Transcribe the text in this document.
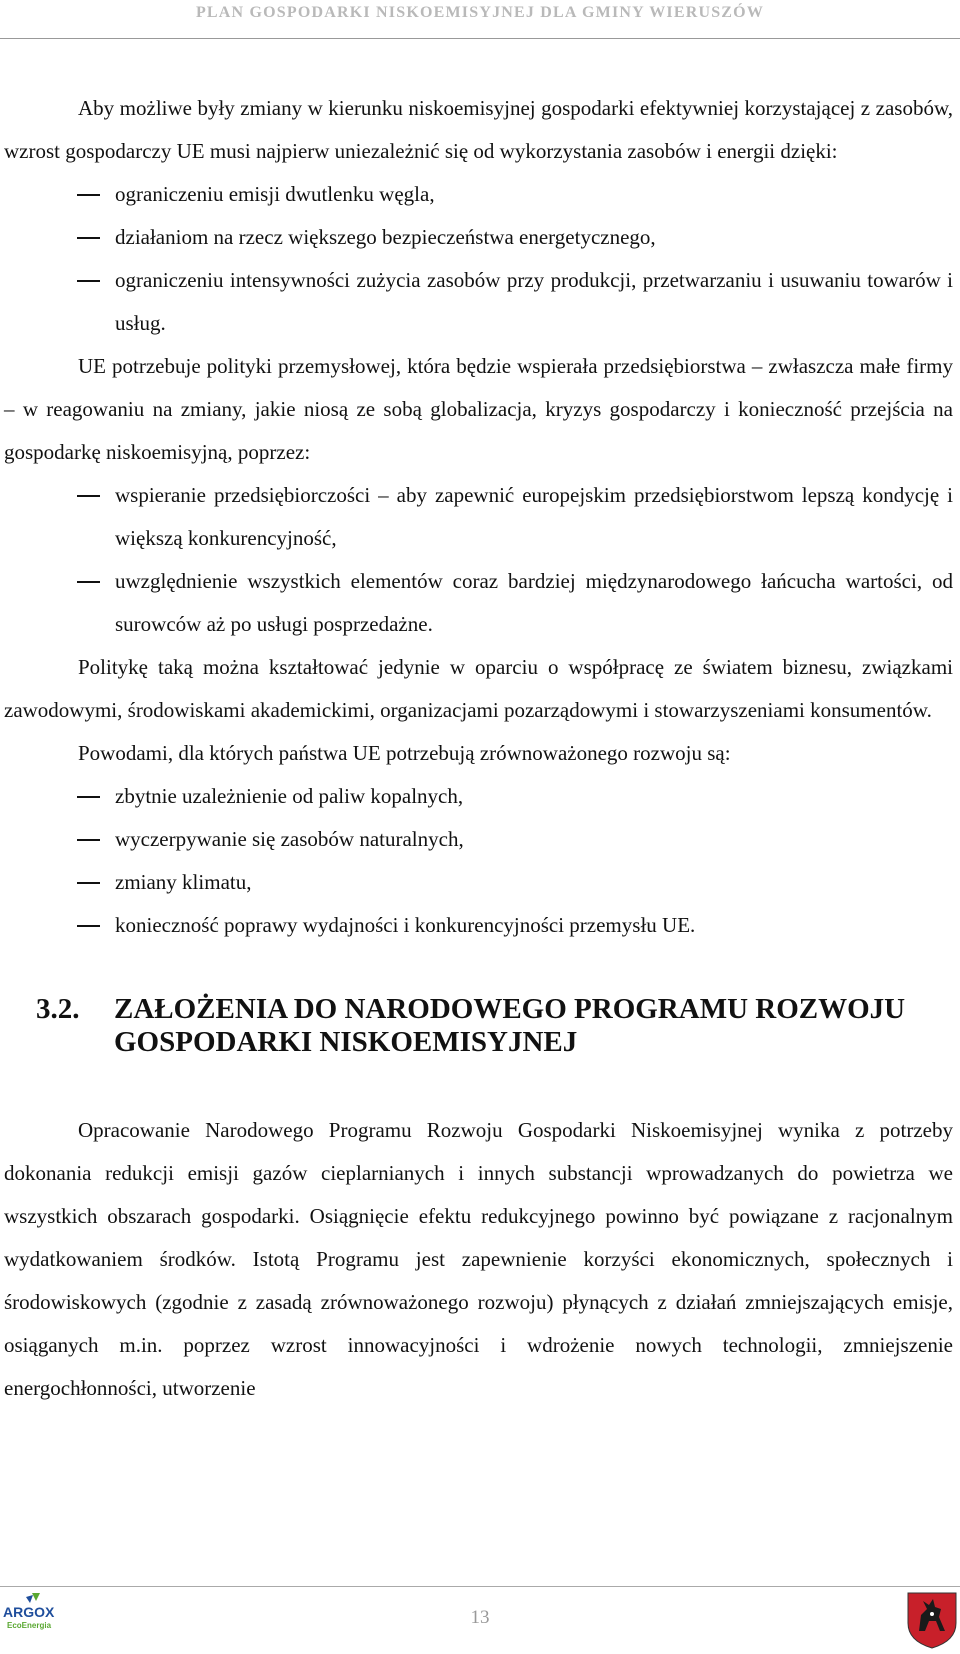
PLAN GOSPODARKI NISKOEMISYJNEJ DLA GMINY WIERUSZÓW

Aby możliwe były zmiany w kierunku niskoemisyjnej gospodarki efektywniej korzystającej z zasobów, wzrost gospodarczy UE musi najpierw uniezależnić się od wykorzystania zasobów i energii dzięki:

ograniczeniu emisji dwutlenku węgla,
działaniom na rzecz większego bezpieczeństwa energetycznego,
ograniczeniu intensywności zużycia zasobów przy produkcji, przetwarzaniu i usuwaniu towarów i usług.

UE potrzebuje polityki przemysłowej, która będzie wspierała przedsiębiorstwa – zwłaszcza małe firmy – w reagowaniu na zmiany, jakie niosą ze sobą globalizacja, kryzys gospodarczy i konieczność przejścia na gospodarkę niskoemisyjną, poprzez:

wspieranie przedsiębiorczości – aby zapewnić europejskim przedsiębiorstwom lepszą kondycję i większą konkurencyjność,
uwzględnienie wszystkich elementów coraz bardziej międzynarodowego łańcucha wartości, od surowców aż po usługi posprzedażne.

Politykę taką można kształtować jedynie w oparciu o współpracę ze światem biznesu, związkami zawodowymi, środowiskami akademickimi, organizacjami pozarządowymi i stowarzyszeniami konsumentów.

Powodami, dla których państwa UE potrzebują zrównoważonego rozwoju są:

zbytnie uzależnienie od paliw kopalnych,
wyczerpywanie się zasobów naturalnych,
zmiany klimatu,
konieczność poprawy wydajności i konkurencyjności przemysłu UE.
3.2. ZAŁOŻENIA DO NARODOWEGO PROGRAMU ROZWOJU GOSPODARKI NISKOEMISYJNEJ

Opracowanie Narodowego Programu Rozwoju Gospodarki Niskoemisyjnej wynika z potrzeby dokonania redukcji emisji gazów cieplarnianych i innych substancji wprowadzanych do powietrza we wszystkich obszarach gospodarki. Osiągnięcie efektu redukcyjnego powinno być powiązane z racjonalnym wydatkowaniem środków. Istotą Programu jest zapewnienie korzyści ekonomicznych, społecznych i środowiskowych (zgodnie z zasadą zrównoważonego rozwoju) płynących z działań zmniejszających emisje, osiąganych m.in. poprzez wzrost innowacyjności i wdrożenie nowych technologii, zmniejszenie energochłonności, utworzenie

ARGOX
EcoEnergia	13
